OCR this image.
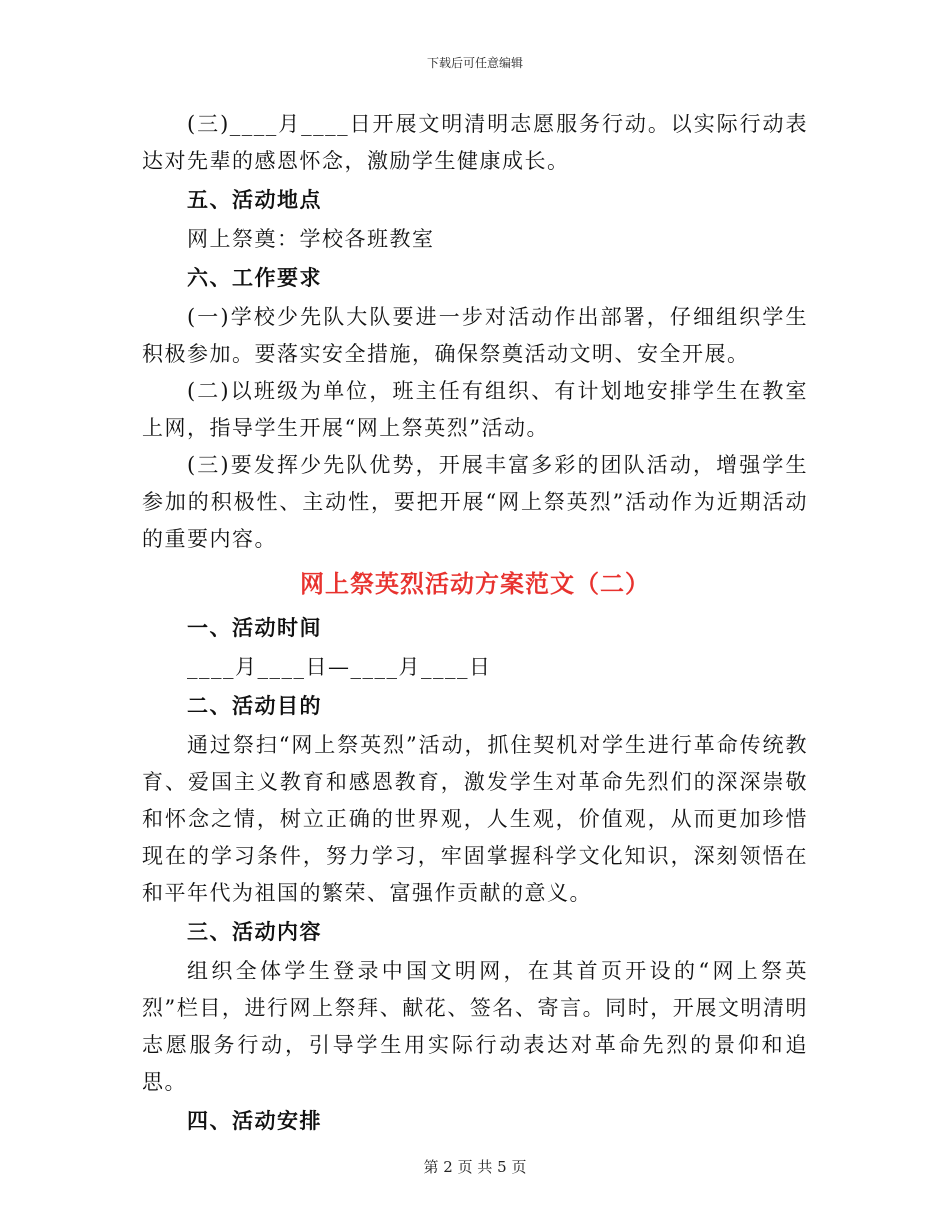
下载后可任意编辑

(三)____月____日开展文明清明志愿服务行动。以实际行动表达对先辈的感恩怀念，激励学生健康成长。

五、活动地点

网上祭奠：学校各班教室

六、工作要求

(一)学校少先队大队要进一步对活动作出部署，仔细组织学生积极参加。要落实安全措施，确保祭奠活动文明、安全开展。

(二)以班级为单位，班主任有组织、有计划地安排学生在教室上网，指导学生开展“网上祭英烈”活动。

(三)要发挥少先队优势，开展丰富多彩的团队活动，增强学生参加的积极性、主动性，要把开展“网上祭英烈”活动作为近期活动的重要内容。

网上祭英烈活动方案范文（二）

一、活动时间

____月____日—____月____日

二、活动目的

通过祭扫“网上祭英烈”活动，抓住契机对学生进行革命传统教育、爱国主义教育和感恩教育，激发学生对革命先烈们的深深崇敬和怀念之情，树立正确的世界观，人生观，价值观，从而更加珍惜现在的学习条件，努力学习，牢固掌握科学文化知识，深刻领悟在和平年代为祖国的繁荣、富强作贡献的意义。

三、活动内容

组织全体学生登录中国文明网，在其首页开设的“网上祭英烈”栏目，进行网上祭拜、献花、签名、寄言。同时，开展文明清明志愿服务行动，引导学生用实际行动表达对革命先烈的景仰和追思。

四、活动安排

第 2 页 共 5 页
